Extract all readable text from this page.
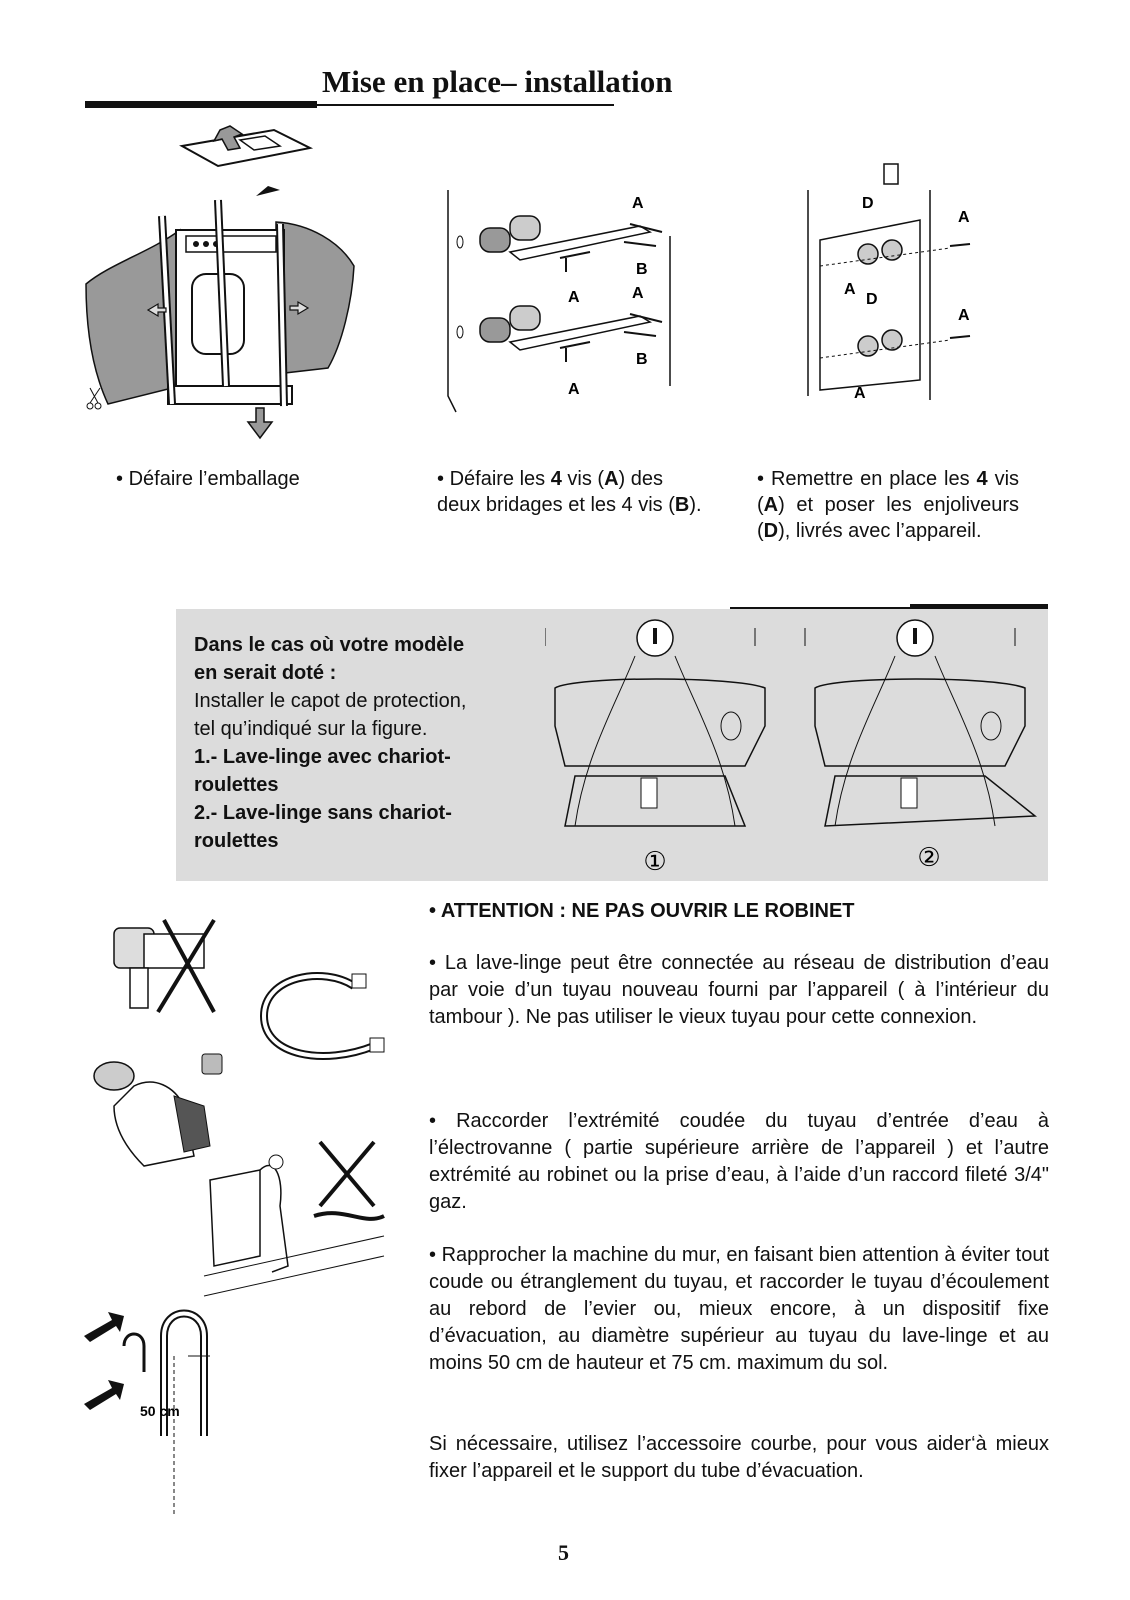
Mise en place– installation
A
B
A	A
B
A
D
A
A
D
A
A
• Défaire l’emballage	• Défaire les 4 vis (A) des deux bridages et les 4 vis (B).
• Remettre en place les 4 vis (A) et poser les enjoliveurs (D), livrés avec l’appareil.
Dans le cas où votre modèle
en serait doté :
Installer le capot de protection,
tel qu’indiqué sur la figure.
1.- Lave-linge avec chariot-
roulettes
2.- Lave-linge sans chariot-
roulettes
①	②
50 cm
• ATTENTION : NE PAS OUVRIR LE ROBINET
• La lave-linge peut être connectée au réseau de distribution d’eau par voie d’un tuyau nouveau fourni par l’appareil ( à l’intérieur du tambour ). Ne pas utiliser le vieux tuyau pour cette connexion.
• Raccorder l’extrémité coudée du tuyau d’entrée d’eau à l’électrovanne ( partie supérieure arrière de l’appareil ) et l’autre extrémité au robinet ou la prise d’eau, à l’aide d’un raccord fileté 3/4" gaz.
• Rapprocher la machine du mur, en faisant bien attention à éviter tout coude ou étranglement du tuyau, et raccorder le tuyau d’écoulement au rebord de l’evier ou, mieux encore, à un dispositif fixe d’évacuation, au diamètre supérieur au tuyau du lave-linge et au moins 50 cm de hauteur et 75 cm. maximum du sol.
Si nécessaire, utilisez l’accessoire courbe, pour vous aider‘à mieux fixer l’appareil et le support du tube d’évacuation.
5
